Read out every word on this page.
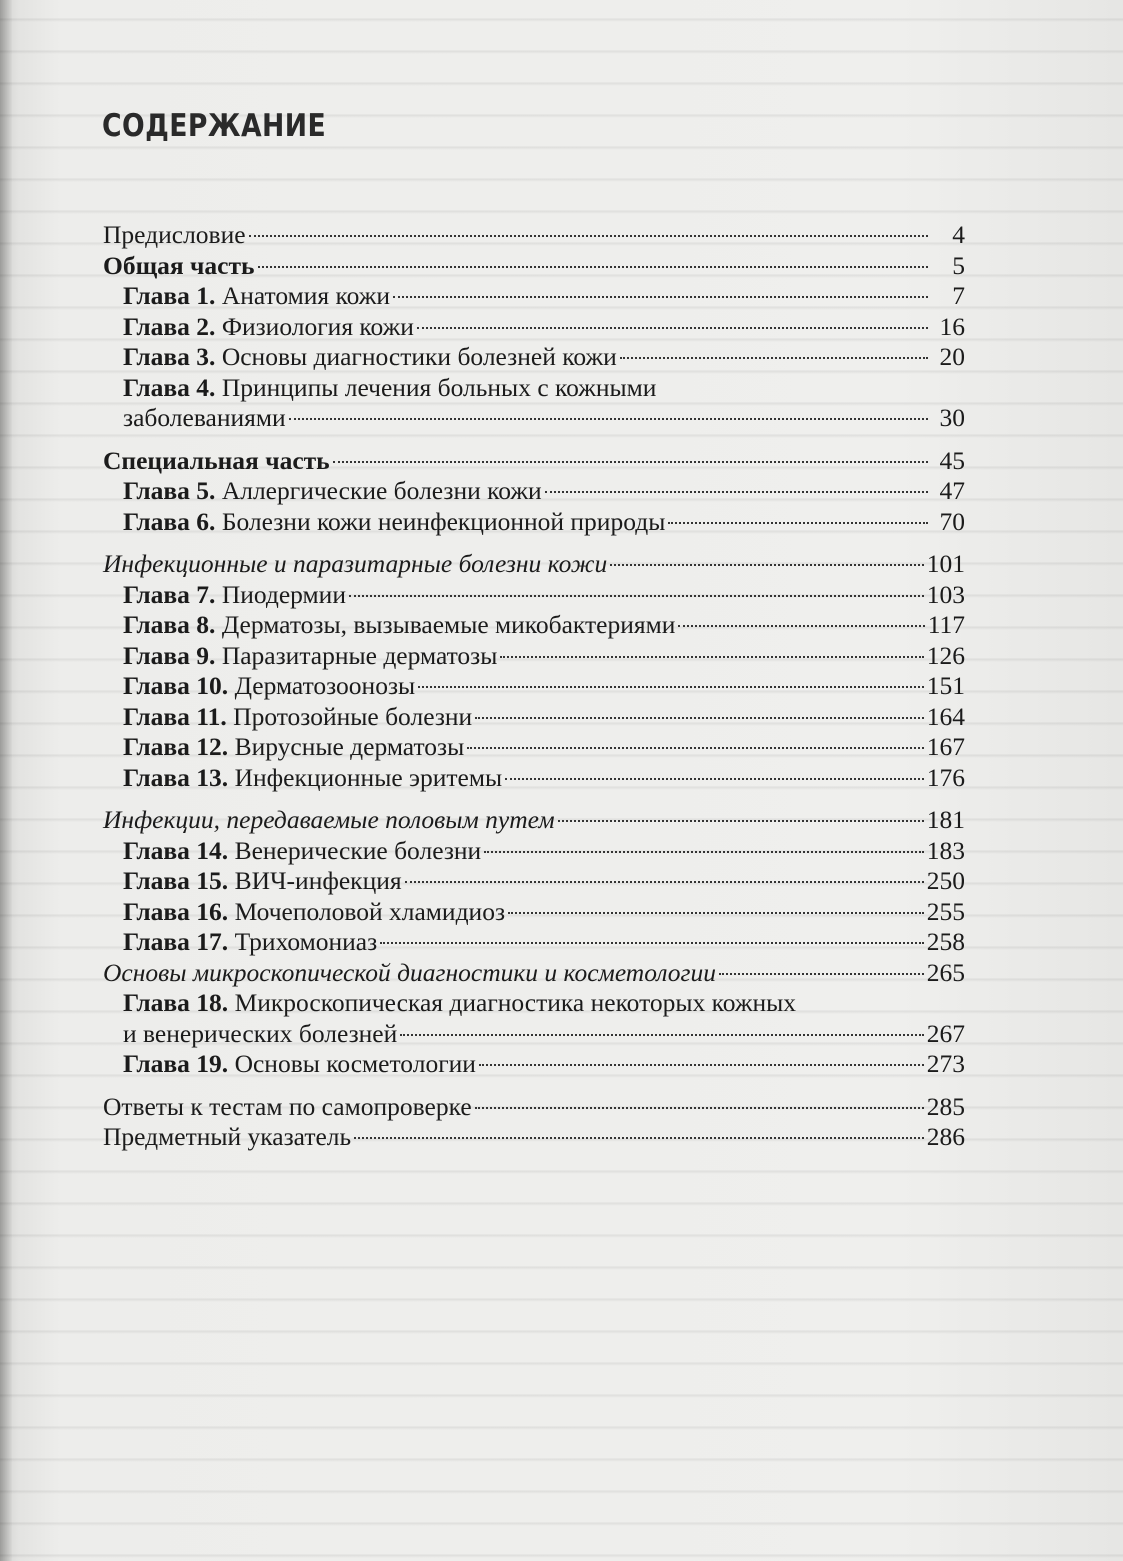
СОДЕРЖАНИЕ
Предисловие	4
Общая часть	5
Глава 1. Анатомия кожи	7
Глава 2. Физиология кожи	16
Глава 3. Основы диагностики болезней кожи	20
Глава 4. Принципы лечения больных с кожными
заболеваниями	30
Специальная часть	45
Глава 5. Аллергические болезни кожи	47
Глава 6. Болезни кожи неинфекционной природы	70
Инфекционные и паразитарные болезни кожи	101
Глава 7. Пиодермии	103
Глава 8. Дерматозы, вызываемые микобактериями	117
Глава 9. Паразитарные дерматозы	126
Глава 10. Дерматозоонозы	151
Глава 11. Протозойные болезни	164
Глава 12. Вирусные дерматозы	167
Глава 13. Инфекционные эритемы	176
Инфекции, передаваемые половым путем	181
Глава 14. Венерические болезни	183
Глава 15. ВИЧ-инфекция	250
Глава 16. Мочеполовой хламидиоз	255
Глава 17. Трихомониаз	258
Основы микроскопической диагностики и косметологии	265
Глава 18. Микроскопическая диагностика некоторых кожных
и венерических болезней	267
Глава 19. Основы косметологии	273
Ответы к тестам по самопроверке	285
Предметный указатель	286
